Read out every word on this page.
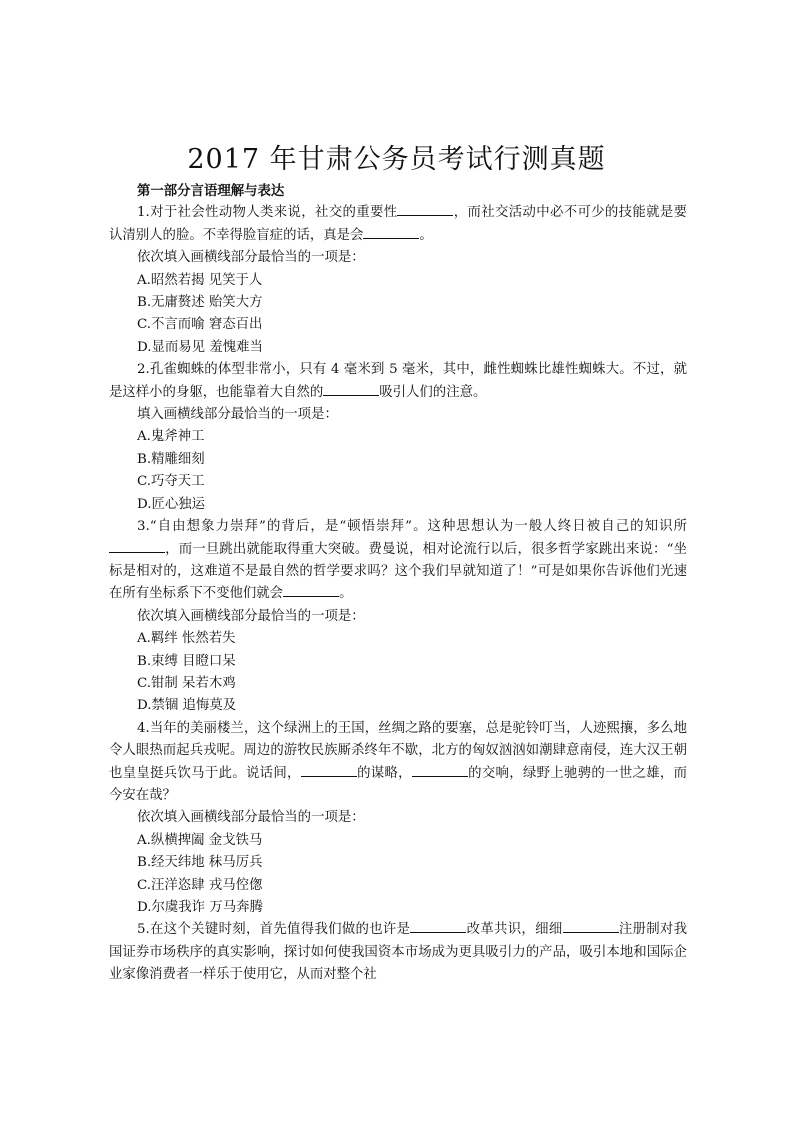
2017 年甘肃公务员考试行测真题

第一部分言语理解与表达

1.对于社会性动物人类来说，社交的重要性	，而社交活动中必不可少的技能就是要认清别人的脸。不幸得脸盲症的话，真是会	。

依次填入画横线部分最恰当的一项是：

A.昭然若揭 见笑于人

B.无庸赘述 贻笑大方

C.不言而喻 窘态百出

D.显而易见 羞愧难当

2.孔雀蜘蛛的体型非常小，只有 4 毫米到 5 毫米，其中，雌性蜘蛛比雄性蜘蛛大。不过，就是这样小的身躯，也能靠着大自然的	吸引人们的注意。

填入画横线部分最恰当的一项是：

A.鬼斧神工

B.精雕细刻

C.巧夺天工

D.匠心独运

3.“自由想象力崇拜”的背后，是“顿悟崇拜”。这种思想认为一般人终日被自己的知识所，而一旦跳出就能取得重大突破。费曼说，相对论流行以后，很多哲学家跳出来说：“坐标是相对的，这难道不是最自然的哲学要求吗？这个我们早就知道了！”可是如果你告诉他们光速在所有坐标系下不变他们就会	。

依次填入画横线部分最恰当的一项是：

A.羁绊 怅然若失

B.束缚 目瞪口呆

C.钳制 呆若木鸡

D.禁锢 追悔莫及

4.当年的美丽楼兰，这个绿洲上的王国，丝绸之路的要塞，总是驼铃叮当，人迹熙攘，多么地令人眼热而起兵戎呢。周边的游牧民族厮杀终年不歇，北方的匈奴汹汹如潮肆意南侵，连大汉王朝也皇皇挺兵饮马于此。说话间，	的谋略，	的交响，绿野上驰骋的一世之雄，而今安在哉？

依次填入画横线部分最恰当的一项是：

A.纵横捭阖 金戈铁马

B.经天纬地 秣马厉兵

C.汪洋恣肆 戎马倥偬

D.尔虞我诈 万马奔腾

5.在这个关键时刻，首先值得我们做的也许是	改革共识，细细	注册制对我国证券市场秩序的真实影响，探讨如何使我国资本市场成为更具吸引力的产品，吸引本地和国际企业家像消费者一样乐于使用它，从而对整个社
